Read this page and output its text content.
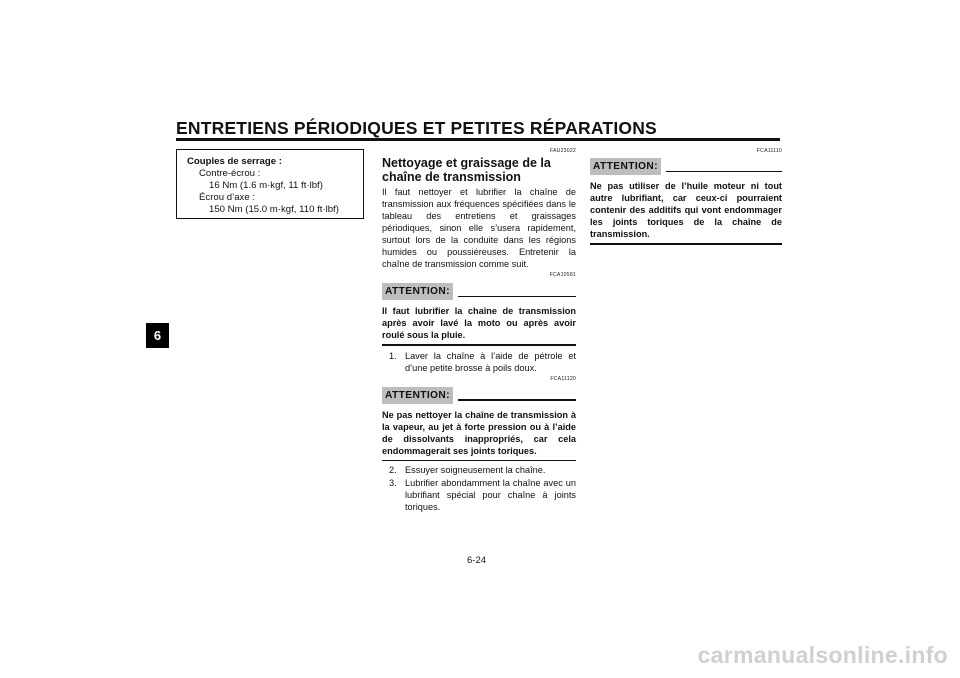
ENTRETIENS PÉRIODIQUES ET PETITES RÉPARATIONS
6
Couples de serrage :
Contre-écrou :
16 Nm (1.6 m·kgf, 11 ft·lbf)
Écrou d’axe :
150 Nm (15.0 m·kgf, 110 ft·lbf)
FAU23022
Nettoyage et graissage de la chaîne de transmission
Il faut nettoyer et lubrifier la chaîne de transmission aux fréquences spécifiées dans le tableau des entretiens et graissages périodiques, sinon elle s’usera rapidement, surtout lors de la conduite dans les régions humides ou poussiéreuses. Entretenir la chaîne de transmission comme suit.
FCA10581
ATTENTION:
Il faut lubrifier la chaîne de transmission après avoir lavé la moto ou après avoir roulé sous la pluie.
1. Laver la chaîne à l’aide de pétrole et d’une petite brosse à poils doux.
FCA11120
ATTENTION:
Ne pas nettoyer la chaîne de transmission à la vapeur, au jet à forte pression ou à l’aide de dissolvants inappropriés, car cela endommagerait ses joints toriques.
2. Essuyer soigneusement la chaîne.
3. Lubrifier abondamment la chaîne avec un lubrifiant spécial pour chaîne à joints toriques.
FCA11110
ATTENTION:
Ne pas utiliser de l’huile moteur ni tout autre lubrifiant, car ceux-ci pourraient contenir des additifs qui vont endommager les joints toriques de la chaîne de transmission.
6-24
carmanualsonline.info
